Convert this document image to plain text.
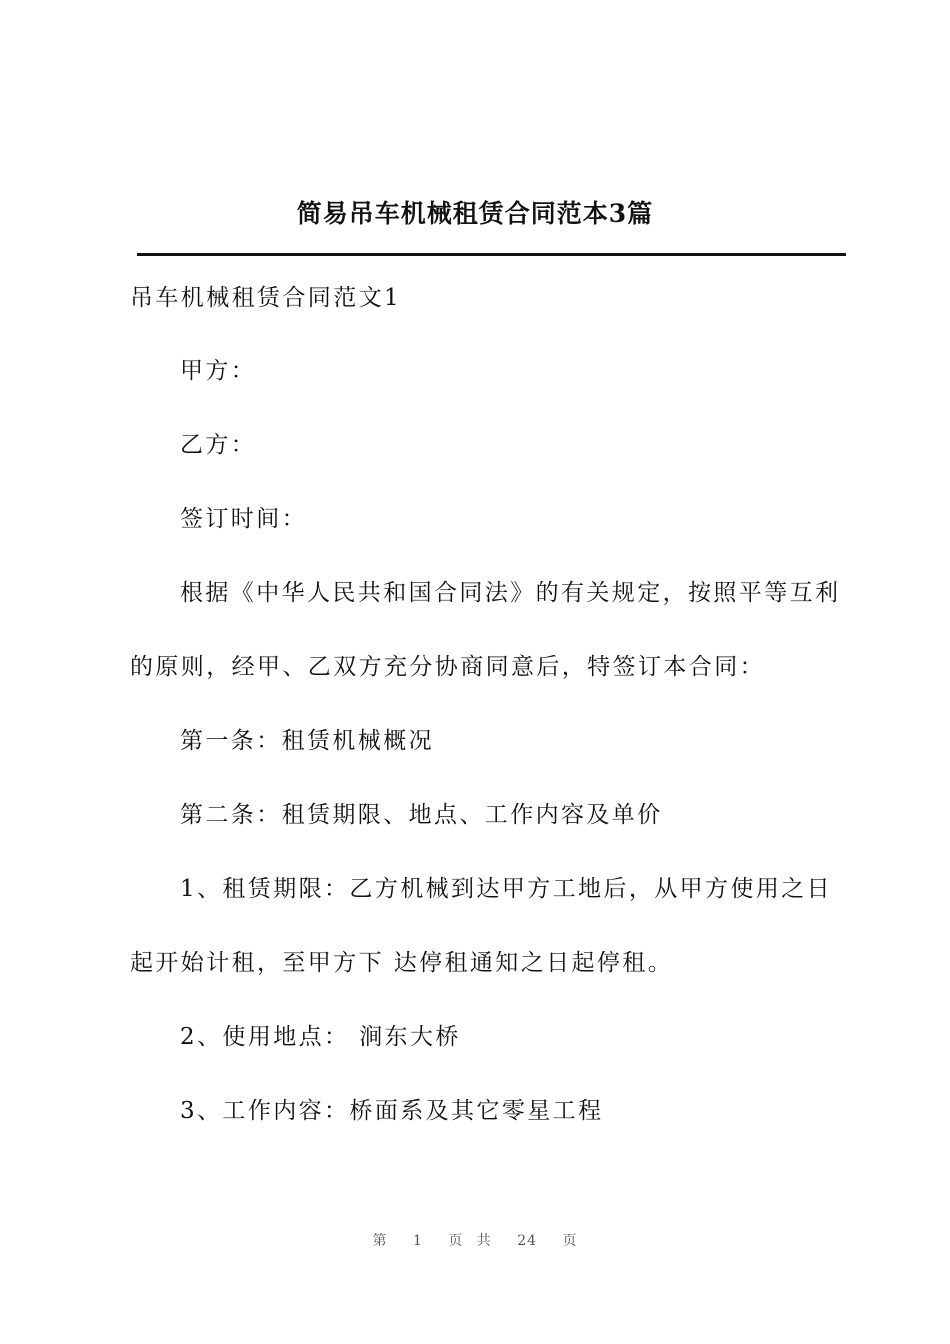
简易吊车机械租赁合同范本3篇
吊车机械租赁合同范文1
甲方：
乙方：
签订时间：
根据《中华人民共和国合同法》的有关规定，按照平等互利
的原则，经甲、乙双方充分协商同意后，特签订本合同：
第一条：租赁机械概况
第二条：租赁期限、地点、工作内容及单价
1、租赁期限：乙方机械到达甲方工地后，从甲方使用之日
起开始计租，至甲方下 达停租通知之日起停租。
2、使用地点： 涧东大桥
3、工作内容：桥面系及其它零星工程
第 1 页 共 24 页
